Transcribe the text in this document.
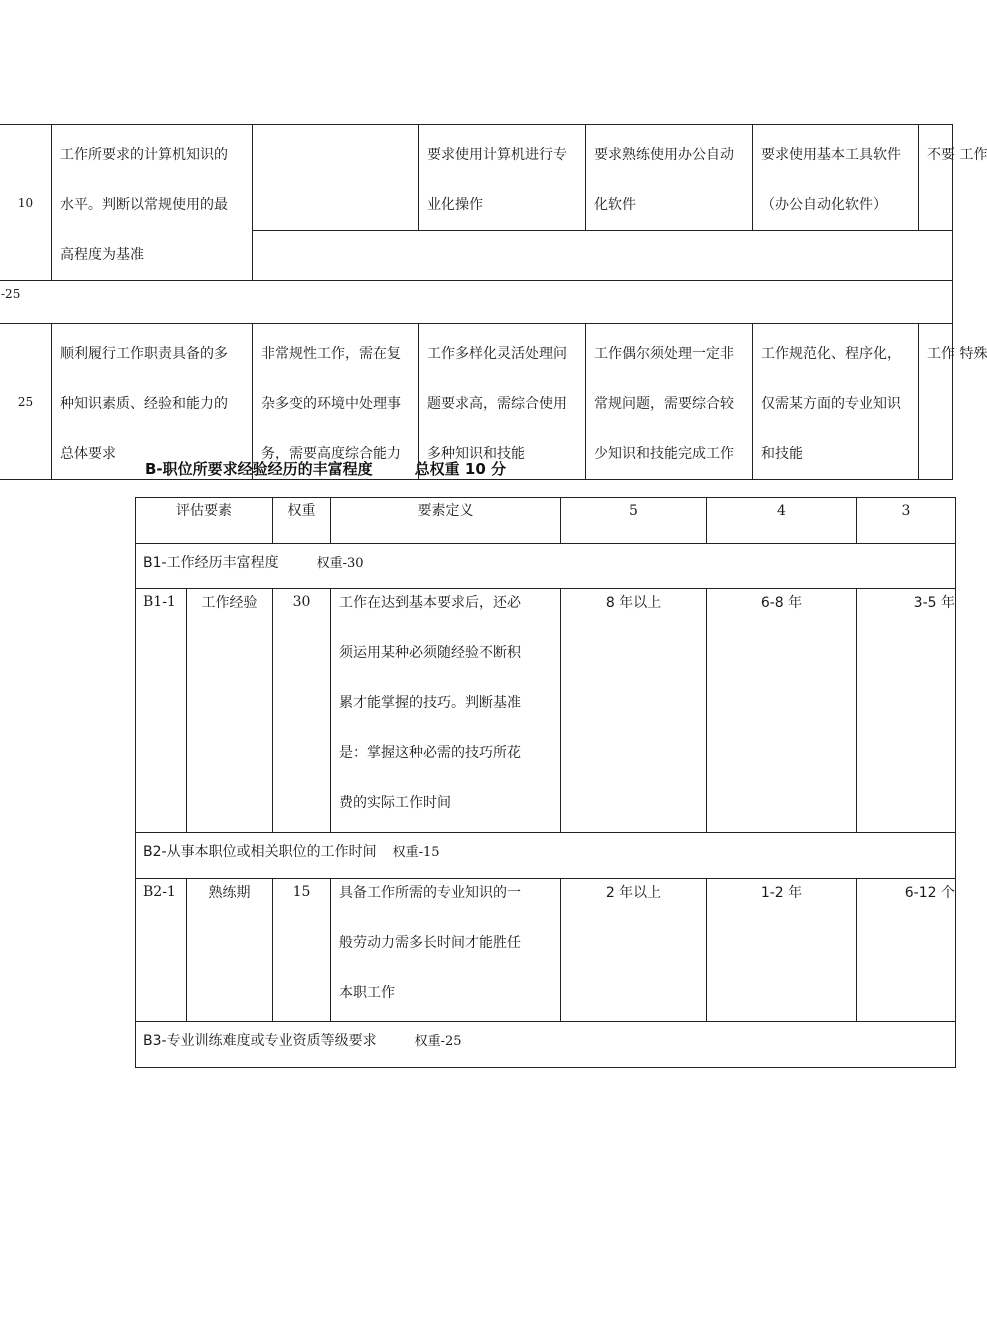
10	工作所要求的计算机知识的
水平。判断以常规使用的最
高程度为基准		要求使用计算机进行专
业化操作	要求熟练使用办公自动
化软件	要求使用基本工具软件
（办公自动化软件）	不要 工作

-25						
25	顺利履行工作职责具备的多
种知识素质、经验和能力的
总体要求	非常规性工作，需在复
杂多变的环境中处理事
务，需要高度综合能力	工作多样化灵活处理问
题要求高，需综合使用
多种知识和技能	工作偶尔须处理一定非
常规问题，需要综合较
少知识和技能完成工作	工作规范化、程序化，
仅需某方面的专业知识
和技能	工作 特殊
B-职位所要求经验经历的丰富程度	总权重 10 分
评估要素		权重	要素定义	5	4	3
B1-工作经历丰富程度 权重-30						
B1-1	工作经验	30	工作在达到基本要求后，还必
须运用某种必须随经验不断积
累才能掌握的技巧。判断基准
是：掌握这种必需的技巧所花
费的实际工作时间	8 年以上	6-8 年	3-5 年
B2-从事本职位或相关职位的工作时间 权重-15						
B2-1	熟练期	15	具备工作所需的专业知识的一
般劳动力需多长时间才能胜任
本职工作	2 年以上	1-2 年	6-12 个
B3-专业训练难度或专业资质等级要求 权重-25						
